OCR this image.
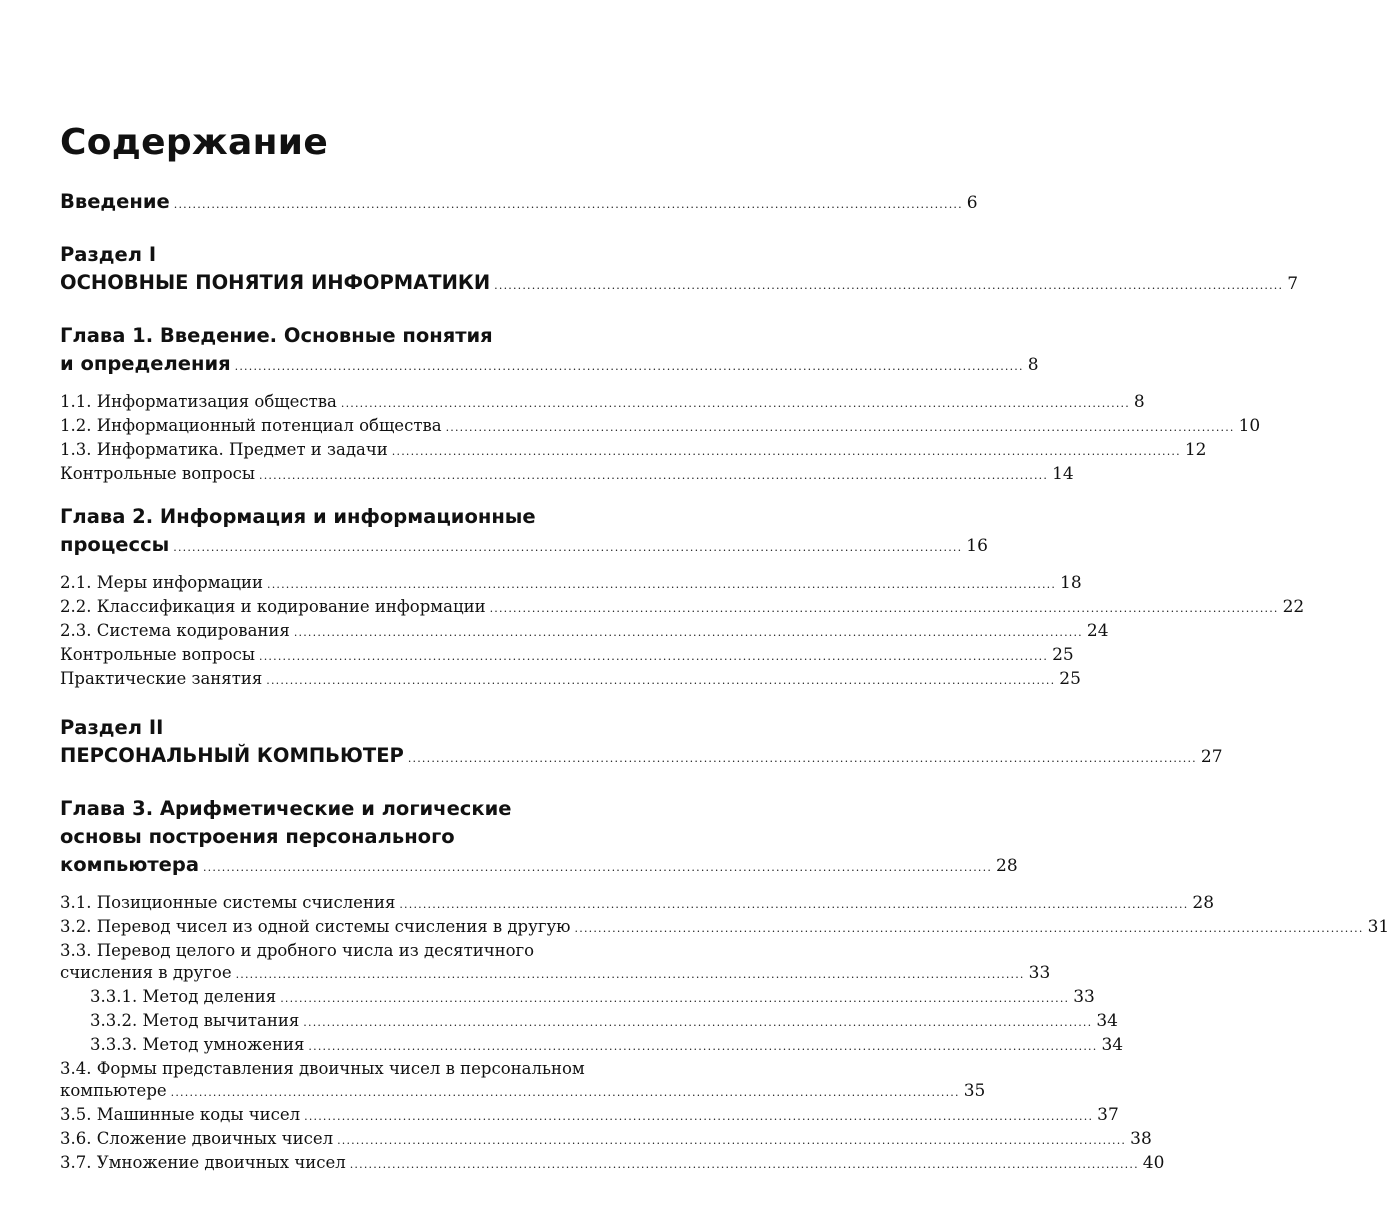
Содержание
Введение ........................................................................................................................................................................ 6
Раздел I
ОСНОВНЫЕ ПОНЯТИЯ ИНФОРМАТИКИ ........................................................................................................................................................................ 7
Глава 1. Введение. Основные понятия
и определения ........................................................................................................................................................................ 8
1.1. Информатизация общества ........................................................................................................................................................................ 8
1.2. Информационный потенциал общества ........................................................................................................................................................................ 10
1.3. Информатика. Предмет и задачи ........................................................................................................................................................................ 12
Контрольные вопросы ........................................................................................................................................................................ 14
Глава 2. Информация и информационные
процессы ........................................................................................................................................................................ 16
2.1. Меры информации ........................................................................................................................................................................ 18
2.2. Классификация и кодирование информации ........................................................................................................................................................................ 22
2.3. Система кодирования ........................................................................................................................................................................ 24
Контрольные вопросы ........................................................................................................................................................................ 25
Практические занятия ........................................................................................................................................................................ 25
Раздел II
ПЕРСОНАЛЬНЫЙ КОМПЬЮТЕР ........................................................................................................................................................................ 27
Глава 3. Арифметические и логические
основы построения персонального
компьютера ........................................................................................................................................................................ 28
3.1. Позиционные системы счисления ........................................................................................................................................................................ 28
3.2. Перевод чисел из одной системы счисления в другую ........................................................................................................................................................................ 31
3.3. Перевод целого и дробного числа из десятичного
счисления в другое ........................................................................................................................................................................ 33
3.3.1. Метод деления ........................................................................................................................................................................ 33
3.3.2. Метод вычитания ........................................................................................................................................................................ 34
3.3.3. Метод умножения ........................................................................................................................................................................ 34
3.4. Формы представления двоичных чисел в персональном
компьютере ........................................................................................................................................................................ 35
3.5. Машинные коды чисел ........................................................................................................................................................................ 37
3.6. Сложение двоичных чисел ........................................................................................................................................................................ 38
3.7. Умножение двоичных чисел ........................................................................................................................................................................ 40
